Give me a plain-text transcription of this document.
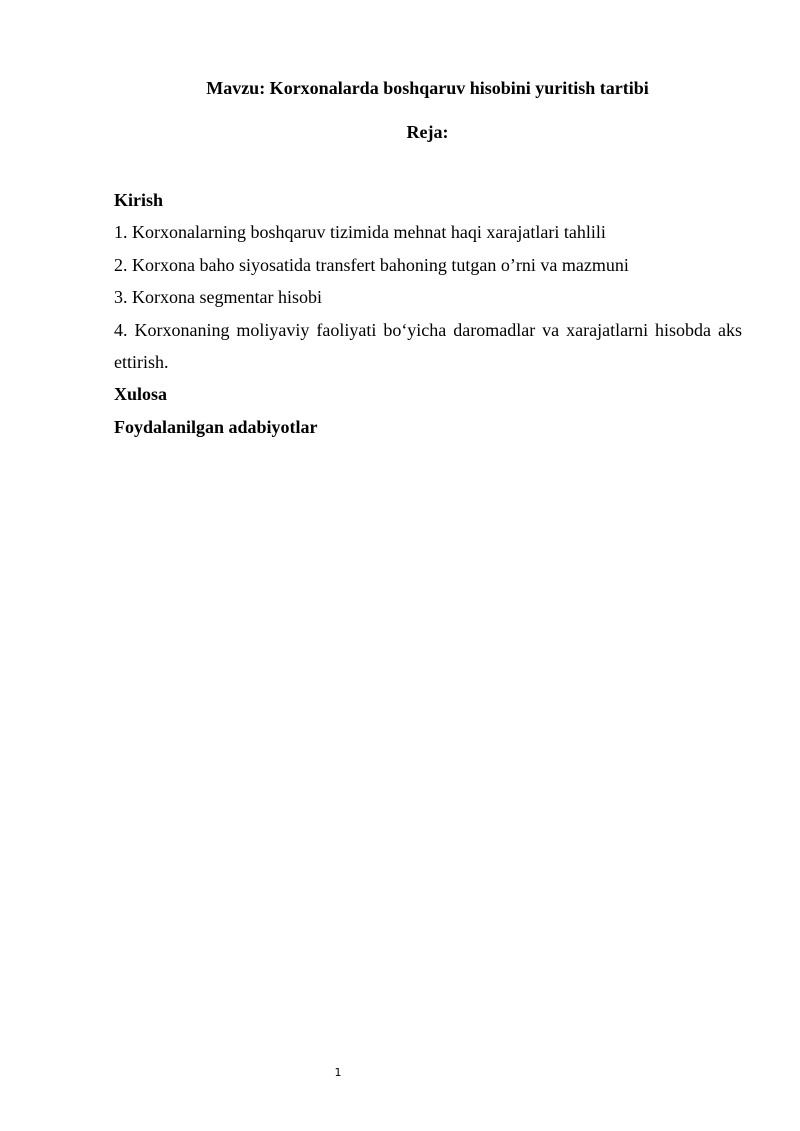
Mavzu: Korxonalarda boshqaruv hisobini yuritish tartibi
Reja:

Kirish

1. Korxonalarning boshqaruv tizimida mehnat haqi xarajatlari tahlili

2. Korxona baho siyosatida transfert bahoning tutgan o’rni va mazmuni

3. Korxona segmentar hisobi

4. Korxonaning moliyaviy faoliyati bo‘yicha daromadlar va xarajatlarni hisobda aks ettirish.

Xulosa

Foydalanilgan adabiyotlar

1
